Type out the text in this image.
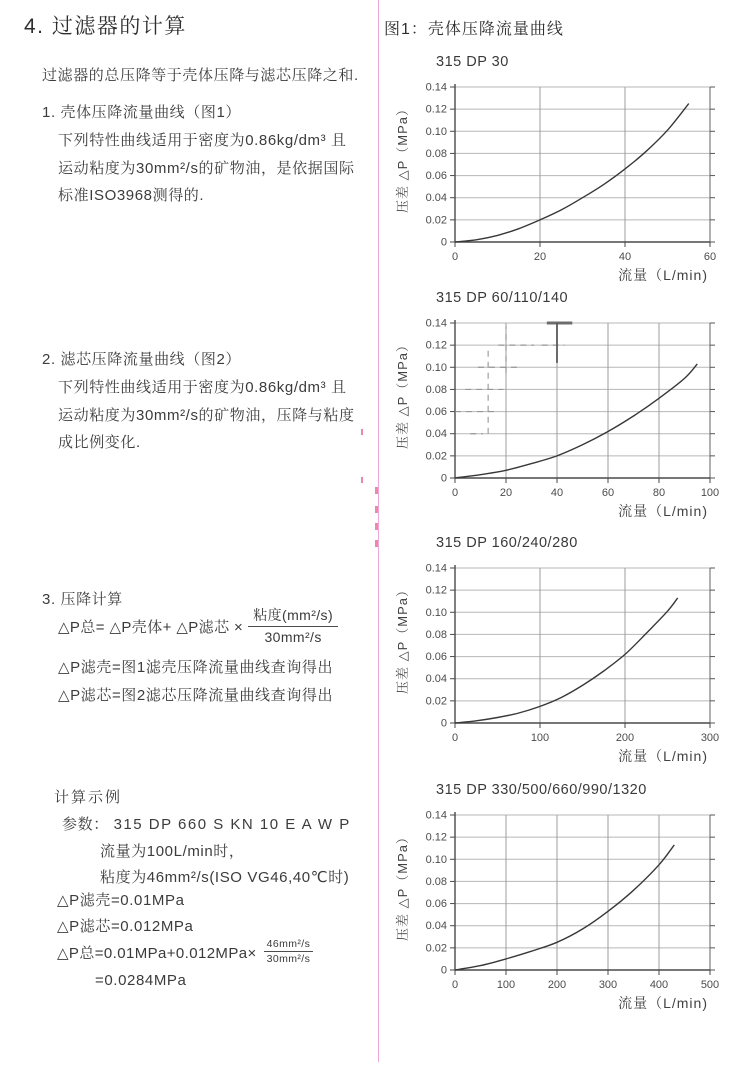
4. 过滤器的计算
过滤器的总压降等于壳体压降与滤芯压降之和.
1. 壳体压降流量曲线（图1）
下列特性曲线适用于密度为0.86kg/dm³ 且
运动粘度为30mm²/s的矿物油，是依据国际
标准ISO3968测得的.
2. 滤芯压降流量曲线（图2）
下列特性曲线适用于密度为0.86kg/dm³ 且
运动粘度为30mm²/s的矿物油，压降与粘度
成比例变化.
3. 压降计算
△P总= △P壳体+ △P滤芯 × $\frac{\text{粘度(mm²/s)}}{\text{30mm²/s}}$
△P滤壳=图1滤壳压降流量曲线查询得出
△P滤芯=图2滤芯压降流量曲线查询得出
计算示例
参数： 315 DP 660 S KN 10 E A W P
流量为100L/min时，
粘度为46mm²/s(ISO VG46,40℃时)
△P滤壳=0.01MPa
△P滤芯=0.012MPa
△P总$=0.01MPa+0.012MPa\times \frac{\text{46mm²/s}}{\text{30mm²/s}}$
=0.0284MPa
图1：壳体压降流量曲线
315 DP 30
0
0.02
0.04
0.06
0.08
0.10
0.12
0.14
0	20	40	60
流量（L/min)
压差 △P（MPa）
315 DP 60/110/140
0
0.02
0.04
0.06
0.08
0.10
0.12
0.14
0	20	40	60	80	100
流量（L/min)
压差 △P（MPa）
315 DP 160/240/280
0
0.02
0.04
0.06
0.08
0.10
0.12
0.14
0	100	200	300
流量（L/min)
压差 △P（MPa）
315 DP 330/500/660/990/1320
0
0.02
0.04
0.06
0.08
0.10
0.12
0.14
0	100	200	300	400	500
流量（L/min)
压差 △P（MPa）
